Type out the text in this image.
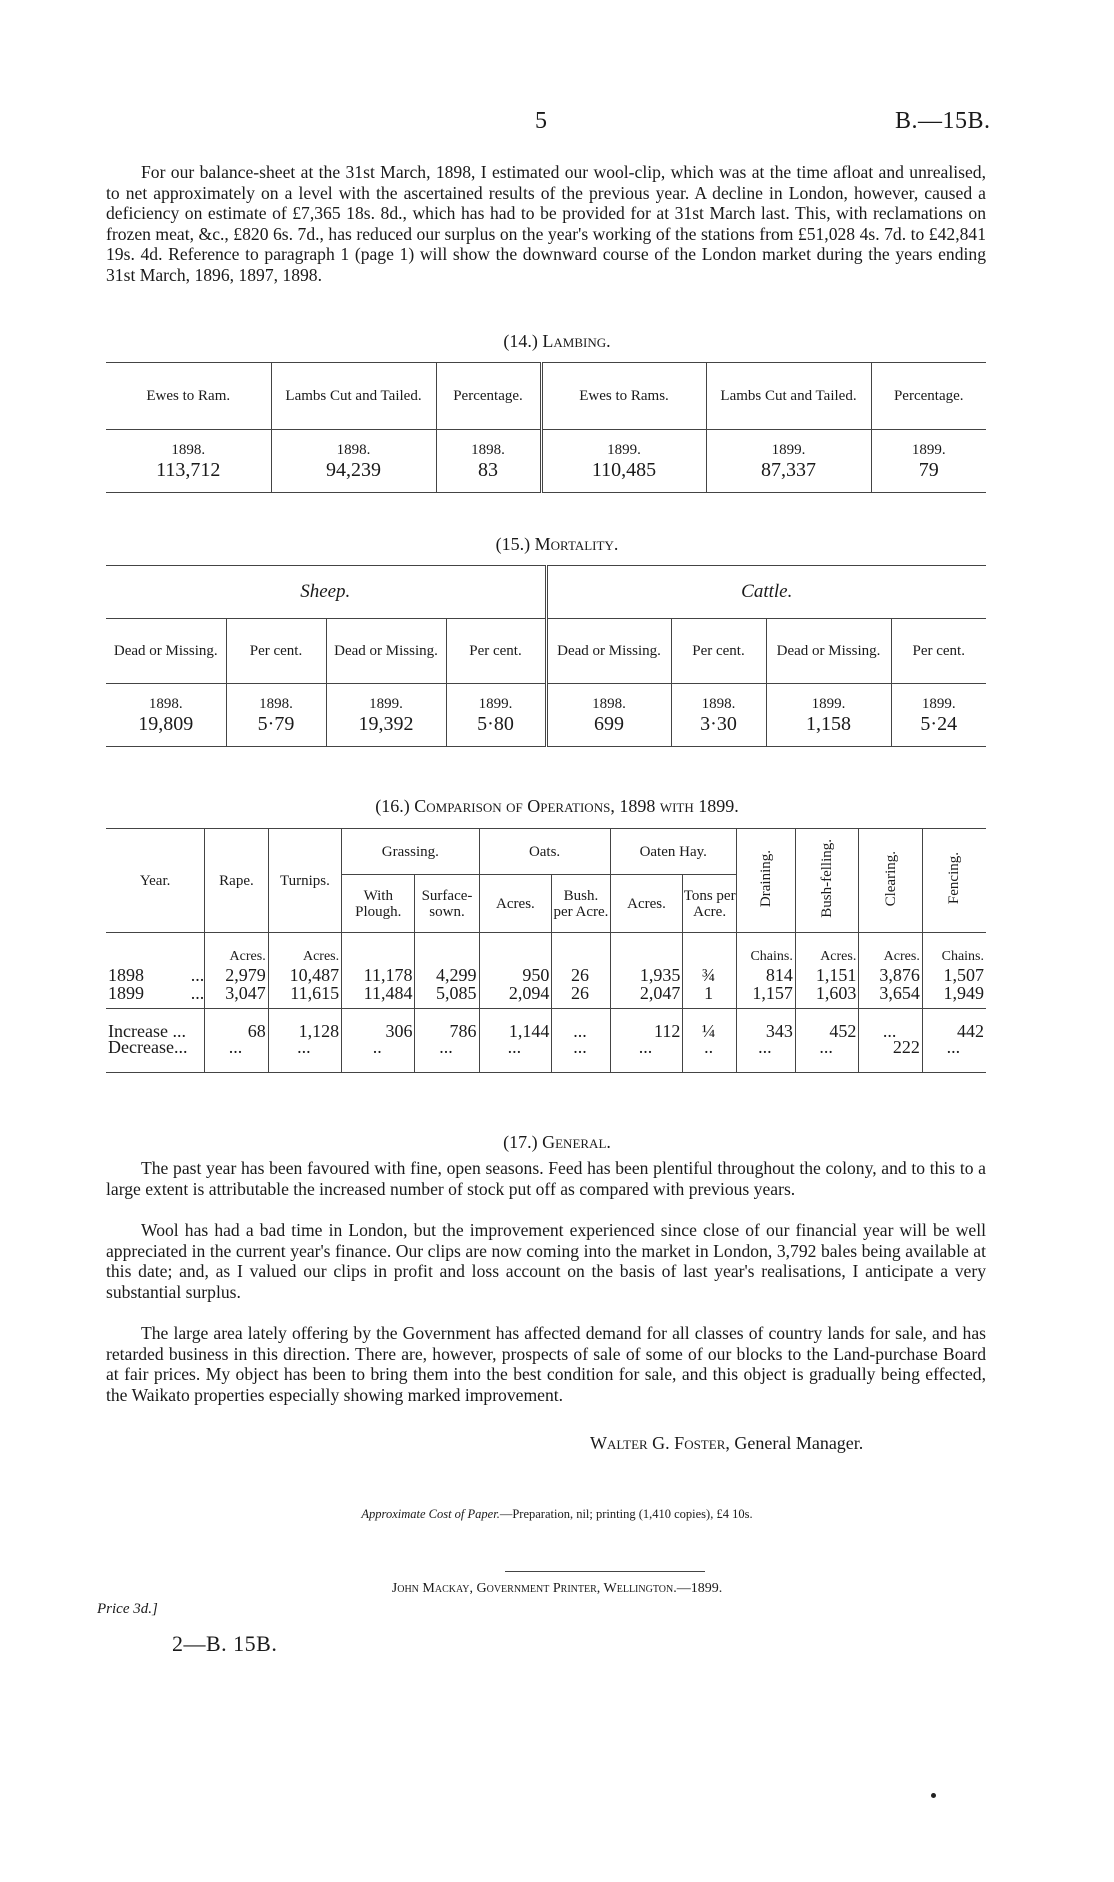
5	B.—15B.

For our balance-sheet at the 31st March, 1898, I estimated our wool-clip, which was at the time afloat and unrealised, to net approximately on a level with the ascertained results of the previous year. A decline in London, however, caused a deficiency on estimate of £7,365 18s. 8d., which has had to be provided for at 31st March last. This, with reclamations on frozen meat, &c., £820 6s. 7d., has reduced our surplus on the year's working of the stations from £51,028 4s. 7d. to £42,841 19s. 4d. Reference to paragraph 1 (page 1) will show the downward course of the London market during the years ending 31st March, 1896, 1897, 1898.

(14.) Lambing.
Ewes to Ram.	Lambs Cut and Tailed.	Percentage.	Ewes to Rams.	Lambs Cut and Tailed.	Percentage.
1898.	1898.	1898.	1899.	1899.	1899.
113,712	94,239	83	110,485	87,337	79
(15.) Mortality.
Sheep.				Cattle.			
Dead or Missing.	Per cent.	Dead or Missing.	Per cent.	Dead or Missing.	Per cent.	Dead or Missing.	Per cent.
1898.	1898.	1899.	1899.	1898.	1898.	1899.	1899.
19,809	5·79	19,392	5·80	699	3·30	1,158	5·24
(16.) Comparison of Operations, 1898 with 1899.
Year.	Rape.	Turnips.	Grassing.		Oats.		Oaten Hay.		Draining.	Bush-felling.	Clearing.	Fencing.
			With Plough.	Surface-sown.	Acres.	Bush. per Acre.	Acres.	Tons per Acre.				
	Acres.	Acres.							Chains.	Acres.	Acres.	Chains.
1898 ...	2,979	10,487	11,178	4,299	950	26	1,935	¾	814	1,151	3,876	1,507
1899 ...	3,047	11,615	11,484	5,085	2,094	26	2,047	1	1,157	1,603	3,654	1,949
Increase ...	68	1,128	306	786	1,144	...	112	¼	343	452	...	442
Decrease...	...	...	..	...	...	...	...	..	...	...	222	...
(17.) General.

The past year has been favoured with fine, open seasons. Feed has been plentiful throughout the colony, and to this to a large extent is attributable the increased number of stock put off as compared with previous years.

Wool has had a bad time in London, but the improvement experienced since close of our financial year will be well appreciated in the current year's finance. Our clips are now coming into the market in London, 3,792 bales being available at this date; and, as I valued our clips in profit and loss account on the basis of last year's realisations, I anticipate a very substantial surplus.

The large area lately offering by the Government has affected demand for all classes of country lands for sale, and has retarded business in this direction. There are, however, prospects of sale of some of our blocks to the Land-purchase Board at fair prices. My object has been to bring them into the best condition for sale, and this object is gradually being effected, the Waikato properties especially showing marked improvement.

Walter G. Foster, General Manager.
Approximate Cost of Paper.—Preparation, nil; printing (1,410 copies), £4 10s.
John Mackay, Government Printer, Wellington.—1899.
Price 3d.]
2—B. 15B.
